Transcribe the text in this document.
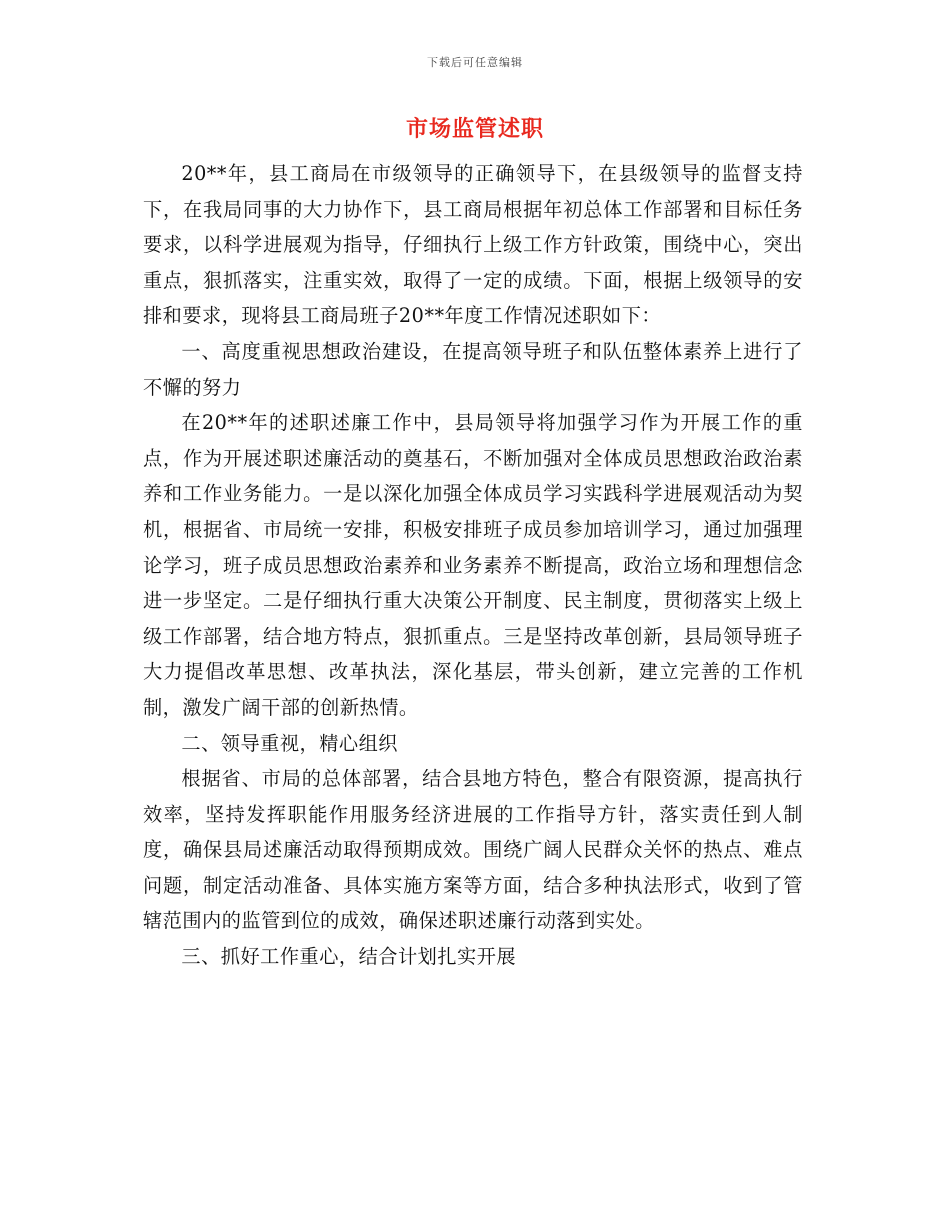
下载后可任意编辑
市场监管述职

20**年，县工商局在市级领导的正确领导下，在县级领导的监督支持下，在我局同事的大力协作下，县工商局根据年初总体工作部署和目标任务要求，以科学进展观为指导，仔细执行上级工作方针政策，围绕中心，突出重点，狠抓落实，注重实效，取得了一定的成绩。下面，根据上级领导的安排和要求，现将县工商局班子20**年度工作情况述职如下：

一、高度重视思想政治建设，在提高领导班子和队伍整体素养上进行了不懈的努力

在20**年的述职述廉工作中，县局领导将加强学习作为开展工作的重点，作为开展述职述廉活动的奠基石，不断加强对全体成员思想政治政治素养和工作业务能力。一是以深化加强全体成员学习实践科学进展观活动为契机，根据省、市局统一安排，积极安排班子成员参加培训学习，通过加强理论学习，班子成员思想政治素养和业务素养不断提高，政治立场和理想信念进一步坚定。二是仔细执行重大决策公开制度、民主制度，贯彻落实上级上级工作部署，结合地方特点，狠抓重点。三是坚持改革创新，县局领导班子大力提倡改革思想、改革执法，深化基层，带头创新，建立完善的工作机制，激发广阔干部的创新热情。

二、领导重视，精心组织

根据省、市局的总体部署，结合县地方特色，整合有限资源，提高执行效率，坚持发挥职能作用服务经济进展的工作指导方针，落实责任到人制度，确保县局述廉活动取得预期成效。围绕广阔人民群众关怀的热点、难点问题，制定活动准备、具体实施方案等方面，结合多种执法形式，收到了管辖范围内的监管到位的成效，确保述职述廉行动落到实处。

三、抓好工作重心，结合计划扎实开展
